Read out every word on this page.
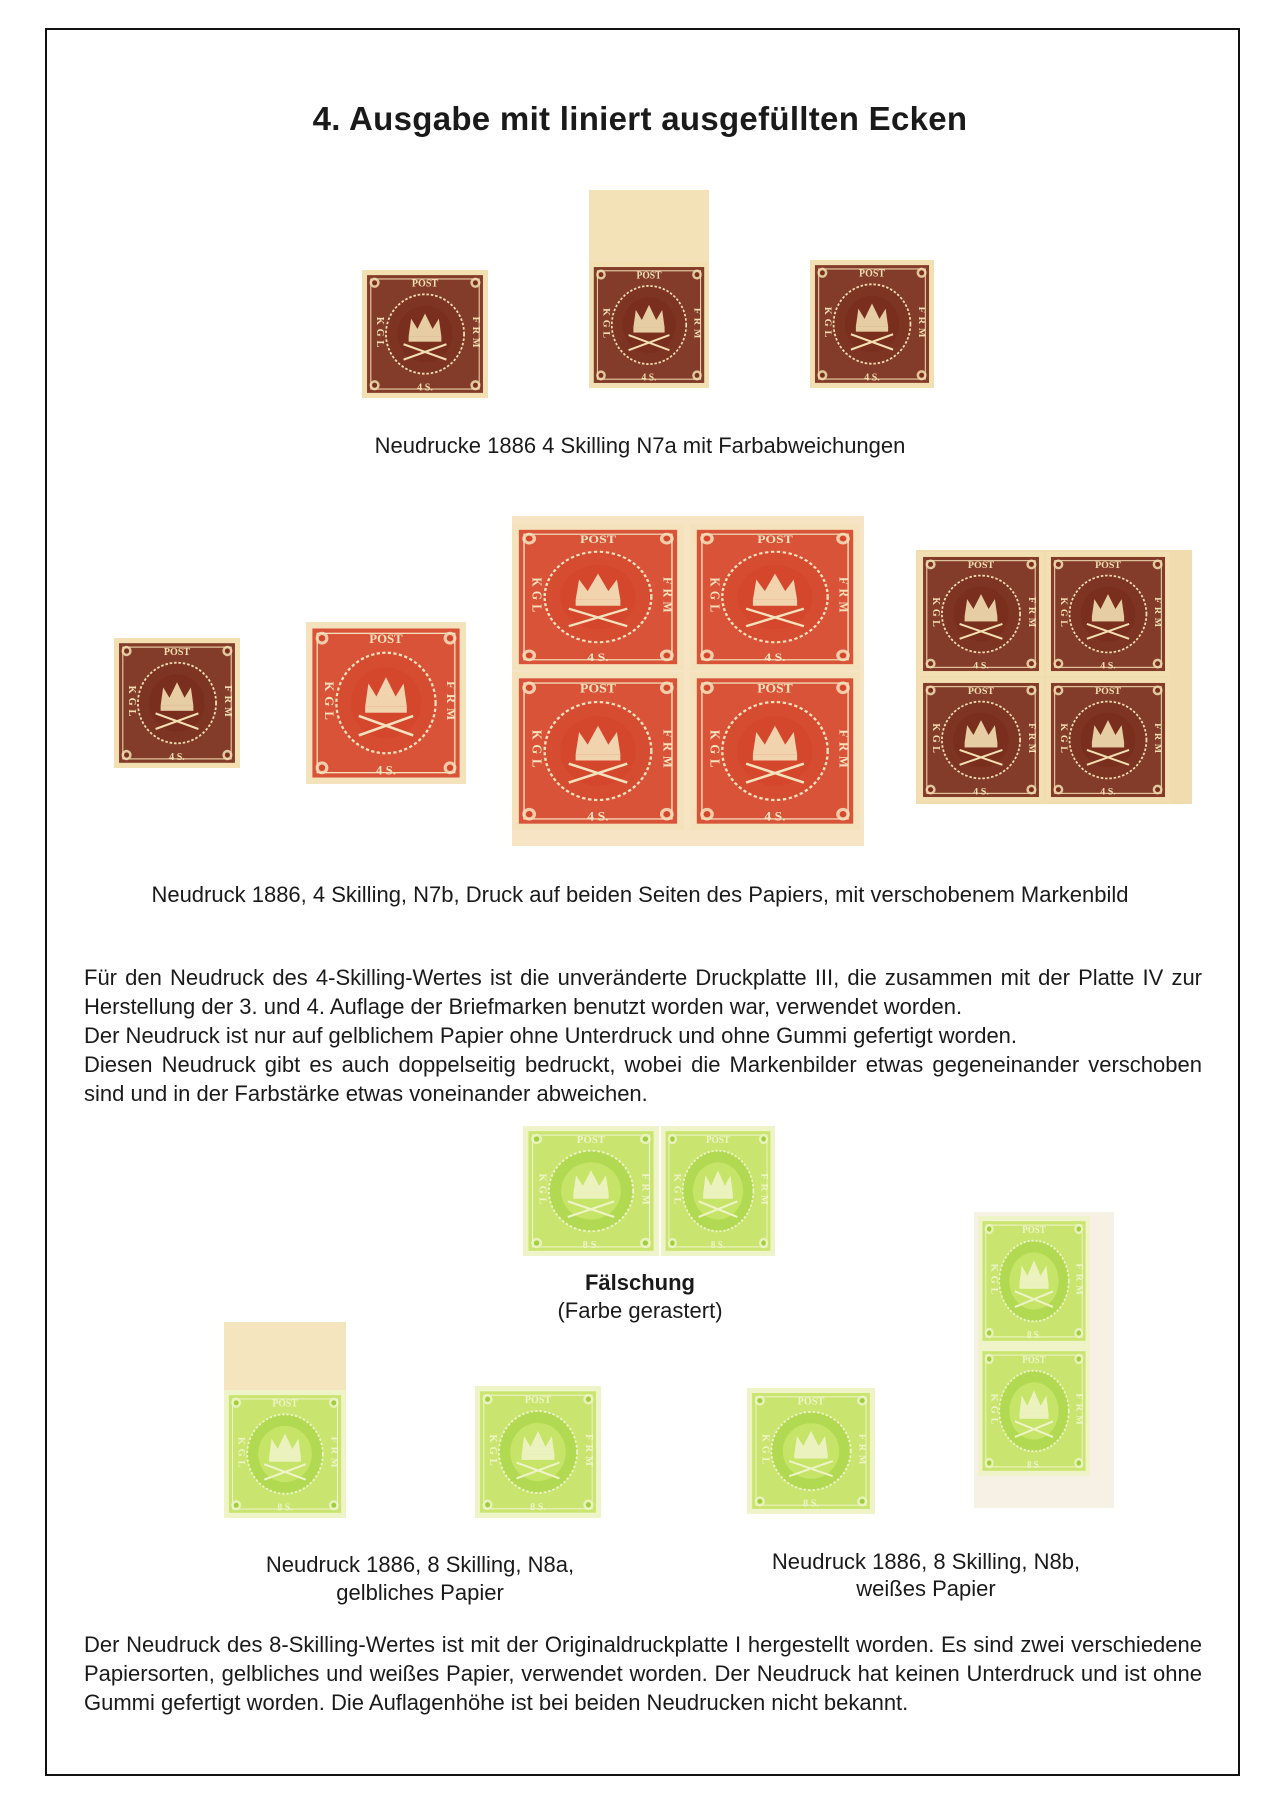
4. Ausgabe mit liniert ausgefüllten Ecken
POST
4 S.
KGL	FRM
POST
4 S.
KGL	FRM
POST
4 S.
KGL	FRM
Neudrucke 1886 4 Skilling N7a mit Farbabweichungen
POST
4 S.
KGL	FRM
POST
4 S.
KGL	FRM
POST
4 S.
KGL	FRM
POST
4 S.
KGL	FRM
POST
4 S.
KGL	FRM
POST
4 S.
KGL	FRM
POST
4 S.
KGL	FRM
POST
4 S.
KGL	FRM
POST
4 S.
KGL	FRM
POST
4 S.
KGL	FRM
Neudruck 1886, 4 Skilling, N7b, Druck auf beiden Seiten des Papiers, mit verschobenem Markenbild

Für den Neudruck des 4-Skilling-Wertes ist die unveränderte Druckplatte III, die zusammen mit der Platte IV zur Herstellung der 3. und 4. Auflage der Briefmarken benutzt worden war, verwendet worden.

Der Neudruck ist nur auf gelblichem Papier ohne Unterdruck und ohne Gummi gefertigt worden.

Diesen Neudruck gibt es auch doppelseitig bedruckt, wobei die Markenbilder etwas gegeneinander verschoben sind und in der Farbstärke etwas voneinander abweichen.

POST
8 S.
KGL	FRM
POST
8 S.
KGL	FRM
Fälschung
(Farbe gerastert)
POST
8 S.
KGL	FRM
POST
8 S.
KGL	FRM
POST
8 S.
KGL	FRM
POST
8 S.
KGL	FRM
POST
8 S.
KGL	FRM
Neudruck 1886, 8 Skilling, N8a,
gelbliches Papier
Neudruck 1886, 8 Skilling, N8b,
weißes Papier
Der Neudruck des 8-Skilling-Wertes ist mit der Originaldruckplatte I hergestellt worden. Es sind zwei verschiedene Papiersorten, gelbliches und weißes Papier, verwendet worden. Der Neudruck hat keinen Unterdruck und ist ohne Gummi gefertigt worden. Die Auflagenhöhe ist bei beiden Neudrucken nicht bekannt.
